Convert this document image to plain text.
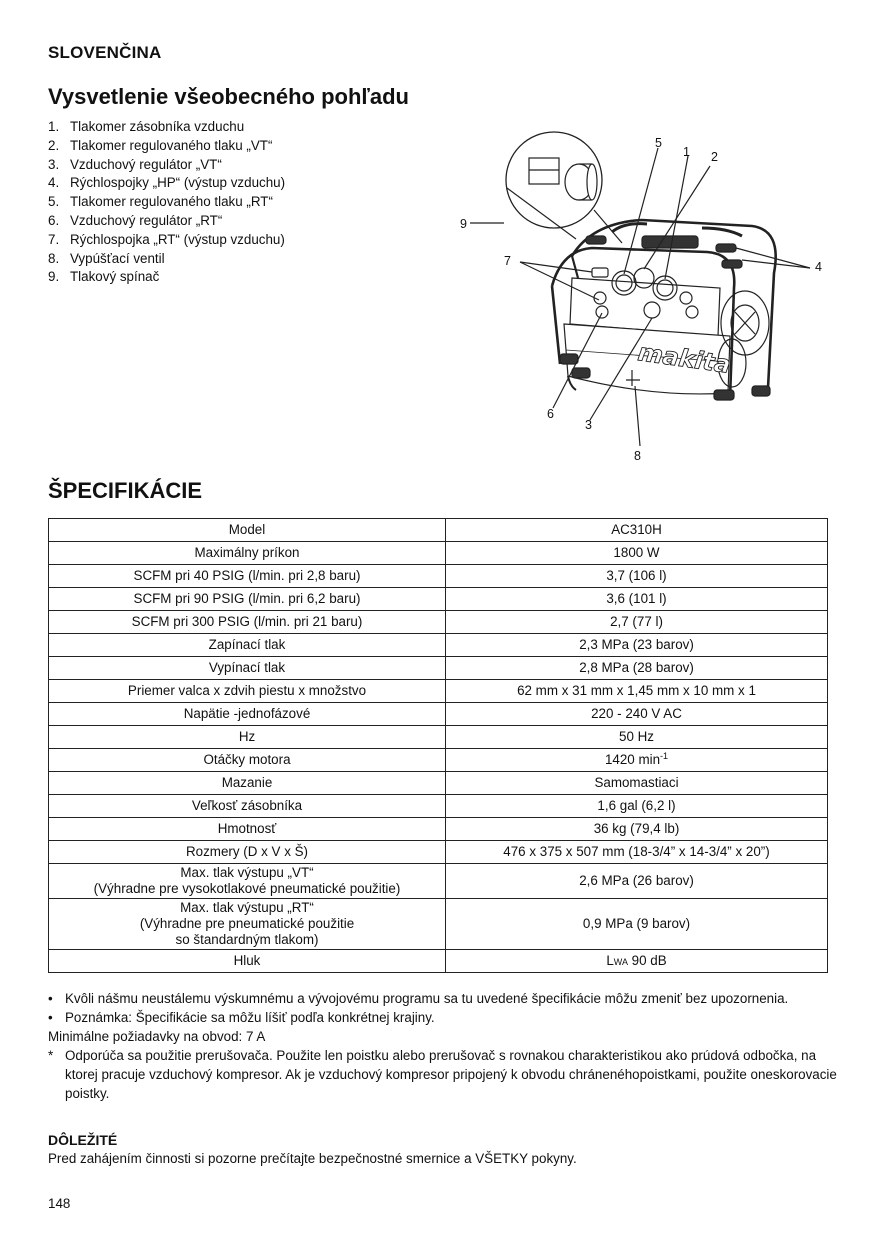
SLOVENČINA
Vysvetlenie všeobecného pohľadu
1. Tlakomer zásobníka vzduchu
2. Tlakomer regulovaného tlaku „VT“
3. Vzduchový regulátor „VT“
4. Rýchlospojky „HP“ (výstup vzduchu)
5. Tlakomer regulovaného tlaku „RT“
6. Vzduchový regulátor „RT“
7. Rýchlospojka „RT“ (výstup vzduchu)
8. Vypúšťací ventil
9. Tlakový spínač
makita
5
1 2
9
7	4
6
3
8
ŠPECIFIKÁCIE
Model	AC310H
Maximálny príkon	1800 W
SCFM pri 40 PSIG (l/min. pri 2,8 baru)	3,7 (106 l)
SCFM pri 90 PSIG (l/min. pri 6,2 baru)	3,6 (101 l)
SCFM pri 300 PSIG (l/min. pri 21 baru)	2,7 (77 l)
Zapínací tlak	2,3 MPa (23 barov)
Vypínací tlak	2,8 MPa (28 barov)
Priemer valca x zdvih piestu x množstvo	62 mm x 31 mm x 1,45 mm x 10 mm x 1
Napätie -jednofázové	220 - 240 V AC
Hz	50 Hz
Otáčky motora	1420 $\min^{-1}$
Mazanie	Samomastiaci
Veľkosť zásobníka	1,6 gal (6,2 l)
Hmotnosť	36 kg (79,4 lb)
Rozmery (D x V x Š)	476 x 375 x 507 mm (18-3/4” x 14-3/4” x 20”)

Max. tlak výstupu „VT“
(Výhradne pre vysokotlakové pneumatické použitie)	2,6 MPa (26 barov)

Max. tlak výstupu „RT“
(Výhradne pre pneumatické použitie
so štandardným tlakom)	0,9 MPa (9 barov)
Hluk	LWA 90 dB
• Kvôli nášmu neustálemu výskumnému a vývojovému programu sa tu uvedené špecifikácie môžu zmeniť bez upozornenia.
• Poznámka: Špecifikácie sa môžu líšiť podľa konkrétnej krajiny.
Minimálne požiadavky na obvod: 7 A
* Odporúča sa použitie prerušovača. Použite len poistku alebo prerušovač s rovnakou charakteristikou ako prúdová odbočka, na ktorej pracuje vzduchový kompresor. Ak je vzduchový kompresor pripojený k obvodu chránenéhopoistkami, použite oneskorovacie poistky.
DÔLEŽITÉ
Pred zahájením činnosti si pozorne prečítajte bezpečnostné smernice a VŠETKY pokyny.
148
